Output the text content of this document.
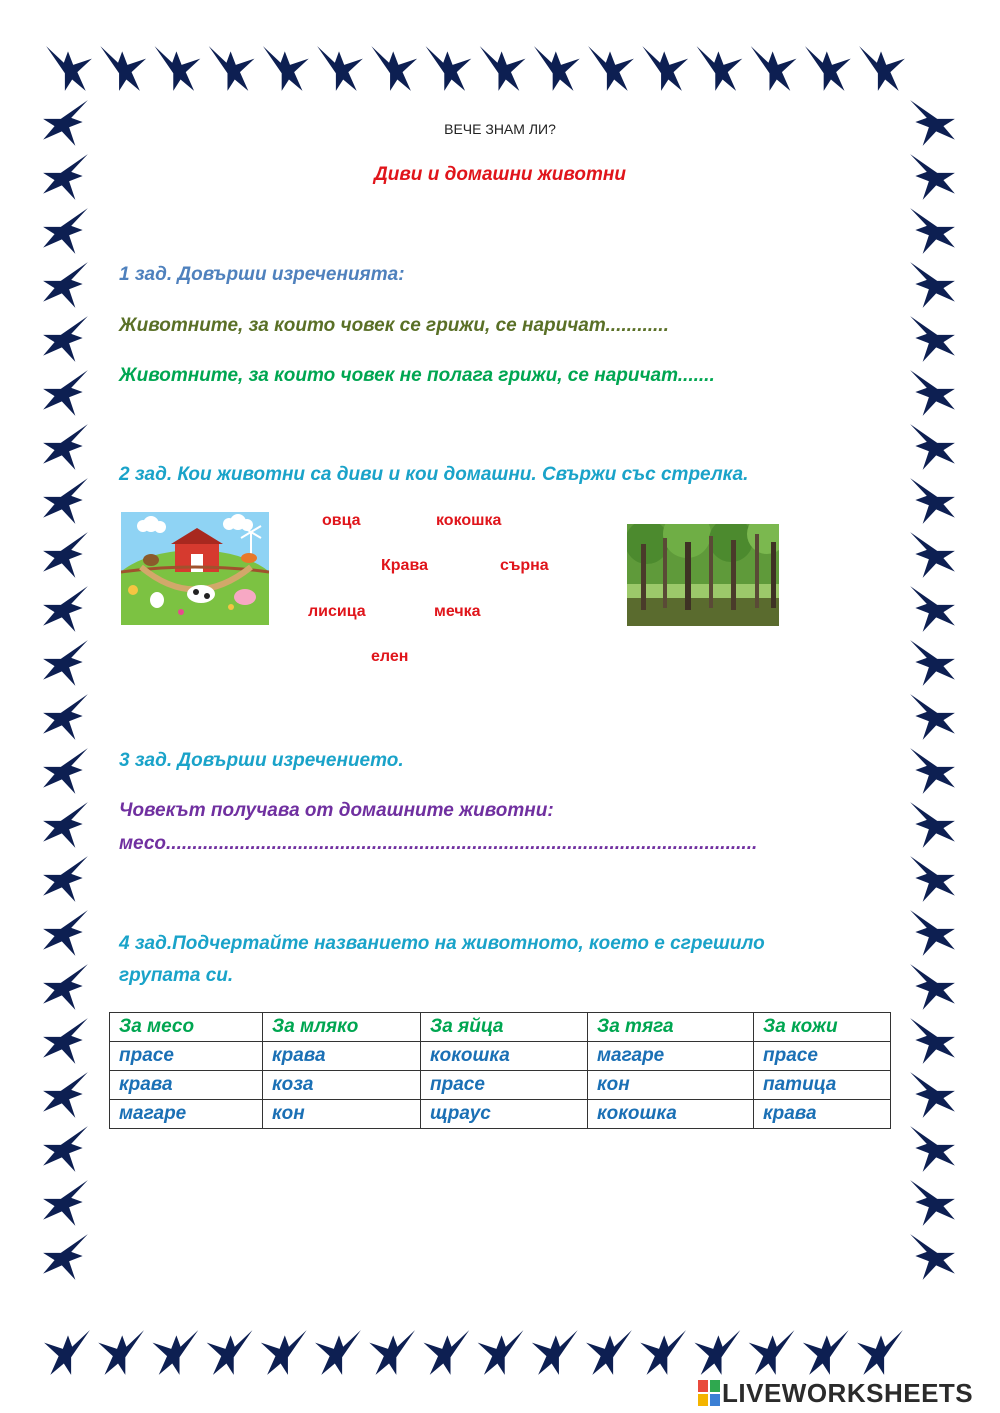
ВЕЧЕ ЗНАМ ЛИ?
Диви и домашни животни
1 зад. Довърши изреченията:
Животните, за които човек се грижи, се наричат............
Животните, за които човек не полага грижи, се наричат.......
2 зад. Кои животни са диви и кои домашни. Свържи със стрелка.
овца	кокошка
Крава	сърна
лисица	мечка
елен
3 зад. Довърши изречението.
Човекът получава от домашните животни:
месо................................................................................................................
4 зад.Подчертайте названието на животното, което е сгрешило
групата си.
За месо	За мляко	За яйца	За тяга	За кожи
прасе	крава	кокошка	магаре	прасе
крава	коза	прасе	кон	патица
магаре	кон	щраус	кокошка	крава
LIVEWORKSHEETS
